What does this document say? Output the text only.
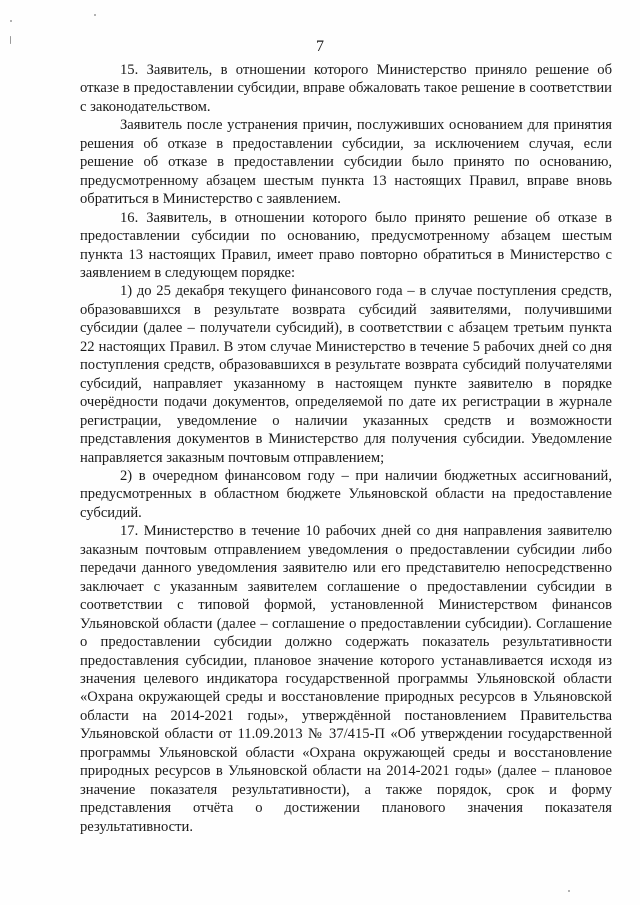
7

15. Заявитель, в отношении которого Министерство приняло решение об отказе в предоставлении субсидии, вправе обжаловать такое решение в соответствии с законодательством.

Заявитель после устранения причин, послуживших основанием для принятия решения об отказе в предоставлении субсидии, за исключением случая, если решение об отказе в предоставлении субсидии было принято по основанию, предусмотренному абзацем шестым пункта 13 настоящих Правил, вправе вновь обратиться в Министерство с заявлением.

16. Заявитель, в отношении которого было принято решение об отказе в предоставлении субсидии по основанию, предусмотренному абзацем шестым пункта 13 настоящих Правил, имеет право повторно обратиться в Министерство с заявлением в следующем порядке:

1) до 25 декабря текущего финансового года – в случае поступления средств, образовавшихся в результате возврата субсидий заявителями, получившими субсидии (далее – получатели субсидий), в соответствии с абзацем третьим пункта 22 настоящих Правил. В этом случае Министерство в течение 5 рабочих дней со дня поступления средств, образовавшихся в результате возврата субсидий получателями субсидий, направляет указанному в настоящем пункте заявителю в порядке очерёдности подачи документов, определяемой по дате их регистрации в журнале регистрации, уведомление о наличии указанных средств и возможности представления документов в Министерство для получения субсидии. Уведомление направляется заказным почтовым отправлением;

2) в очередном финансовом году – при наличии бюджетных ассигнований, предусмотренных в областном бюджете Ульяновской области на предоставление субсидий.

17. Министерство в течение 10 рабочих дней со дня направления заявителю заказным почтовым отправлением уведомления о предоставлении субсидии либо передачи данного уведомления заявителю или его представителю непосредственно заключает с указанным заявителем соглашение о предоставлении субсидии в соответствии с типовой формой, установленной Министерством финансов Ульяновской области (далее – соглашение о предоставлении субсидии). Соглашение о предоставлении субсидии должно содержать показатель результативности предоставления субсидии, плановое значение которого устанавливается исходя из значения целевого индикатора государственной программы Ульяновской области «Охрана окружающей среды и восстановление природных ресурсов в Ульяновской области на 2014-2021 годы», утверждённой постановлением Правительства Ульяновской области от 11.09.2013 № 37/415-П «Об утверждении государственной программы Ульяновской области «Охрана окружающей среды и восстановление природных ресурсов в Ульяновской области на 2014-2021 годы» (далее – плановое значение показателя результативности), а также порядок, срок и форму представления отчёта о достижении планового значения показателя результативности.
